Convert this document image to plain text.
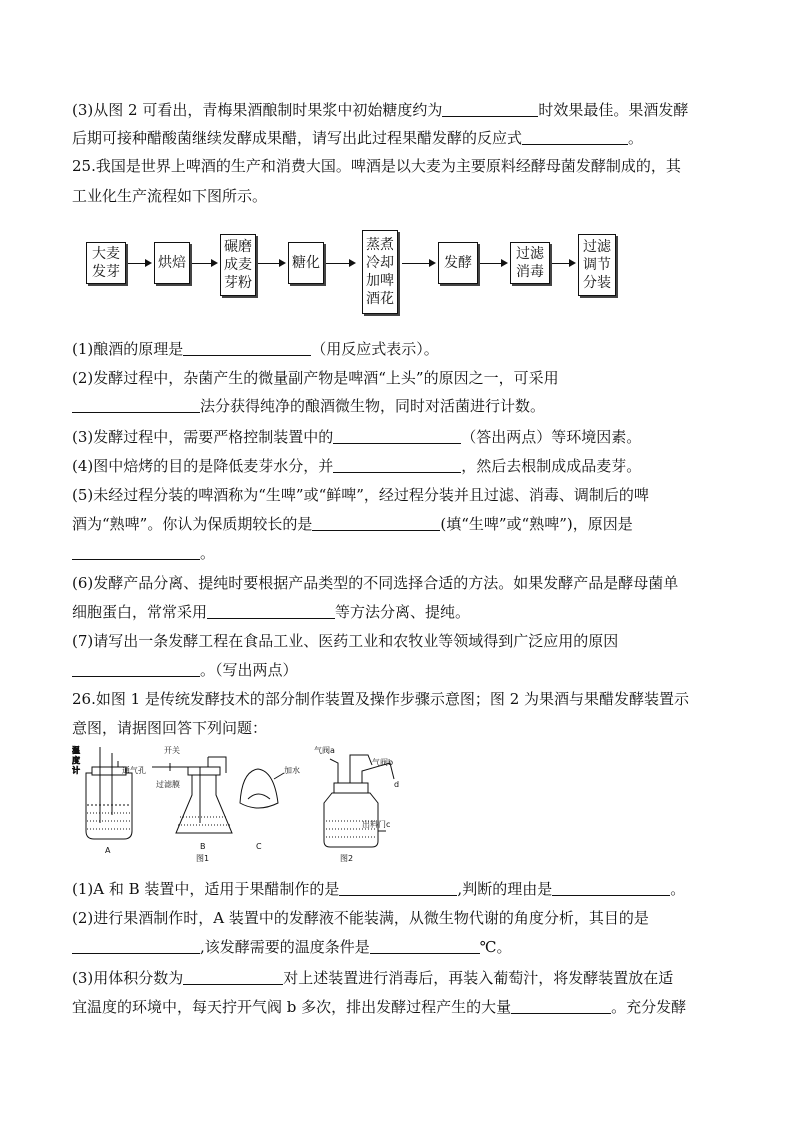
(3)从图 2 可看出，青梅果酒酿制时果浆中初始糖度约为	时效果最佳。果酒发酵
后期可接种醋酸菌继续发酵成果醋，请写出此过程果醋发酵的反应式	。
25.我国是世界上啤酒的生产和消费大国。啤酒是以大麦为主要原料经酵母菌发酵制成的，其
工业化生产流程如下图所示。
大麦
发芽
烘焙
碾磨
成麦
芽粉
糖化
蒸煮
冷却
加啤
酒花
发酵
过滤
消毒
过滤
调节
分装
(1)酿酒的原理是	（用反应式表示）。
(2)发酵过程中，杂菌产生的微量副产物是啤酒“上头”的原因之一，可采用
法分获得纯净的酿酒微生物，同时对活菌进行计数。
(3)发酵过程中，需要严格控制装置中的	（答出两点）等环境因素。
(4)图中焙烤的目的是降低麦芽水分，并	，然后去根制成成品麦芽。
(5)未经过程分装的啤酒称为“生啤”或“鲜啤”，经过程分装并且过滤、消毒、调制后的啤
酒为“熟啤”。你认为保质期较长的是	(填“生啤”或“熟啤”)，原因是
。
(6)发酵产品分离、提纯时要根据产品类型的不同选择合适的方法。如果发酵产品是酵母菌单
细胞蛋白，常常采用	等方法分离、提纯。
(7)请写出一条发酵工程在食品工业、医药工业和农牧业等领域得到广泛应用的原因
。（写出两点）
26.如图 1 是传统发酵技术的部分制作装置及操作步骤示意图；图 2 为果酒与果醋发酵装置示
意图，请据图回答下列问题：
温
度
计
A
开关
通气孔
过滤膜
B
图1
加水
C
气阀a
气阀b
d
出料门c
图2
(1)A 和 B 装置中，适用于果醋制作的是	,判断的理由是	。
(2)进行果酒制作时，A 装置中的发酵液不能装满，从微生物代谢的角度分析，其目的是
,该发酵需要的温度条件是	℃。
(3)用体积分数为	对上述装置进行消毒后，再装入葡萄汁，将发酵装置放在适
宜温度的环境中，每天拧开气阀 b 多次，排出发酵过程产生的大量	。充分发酵
